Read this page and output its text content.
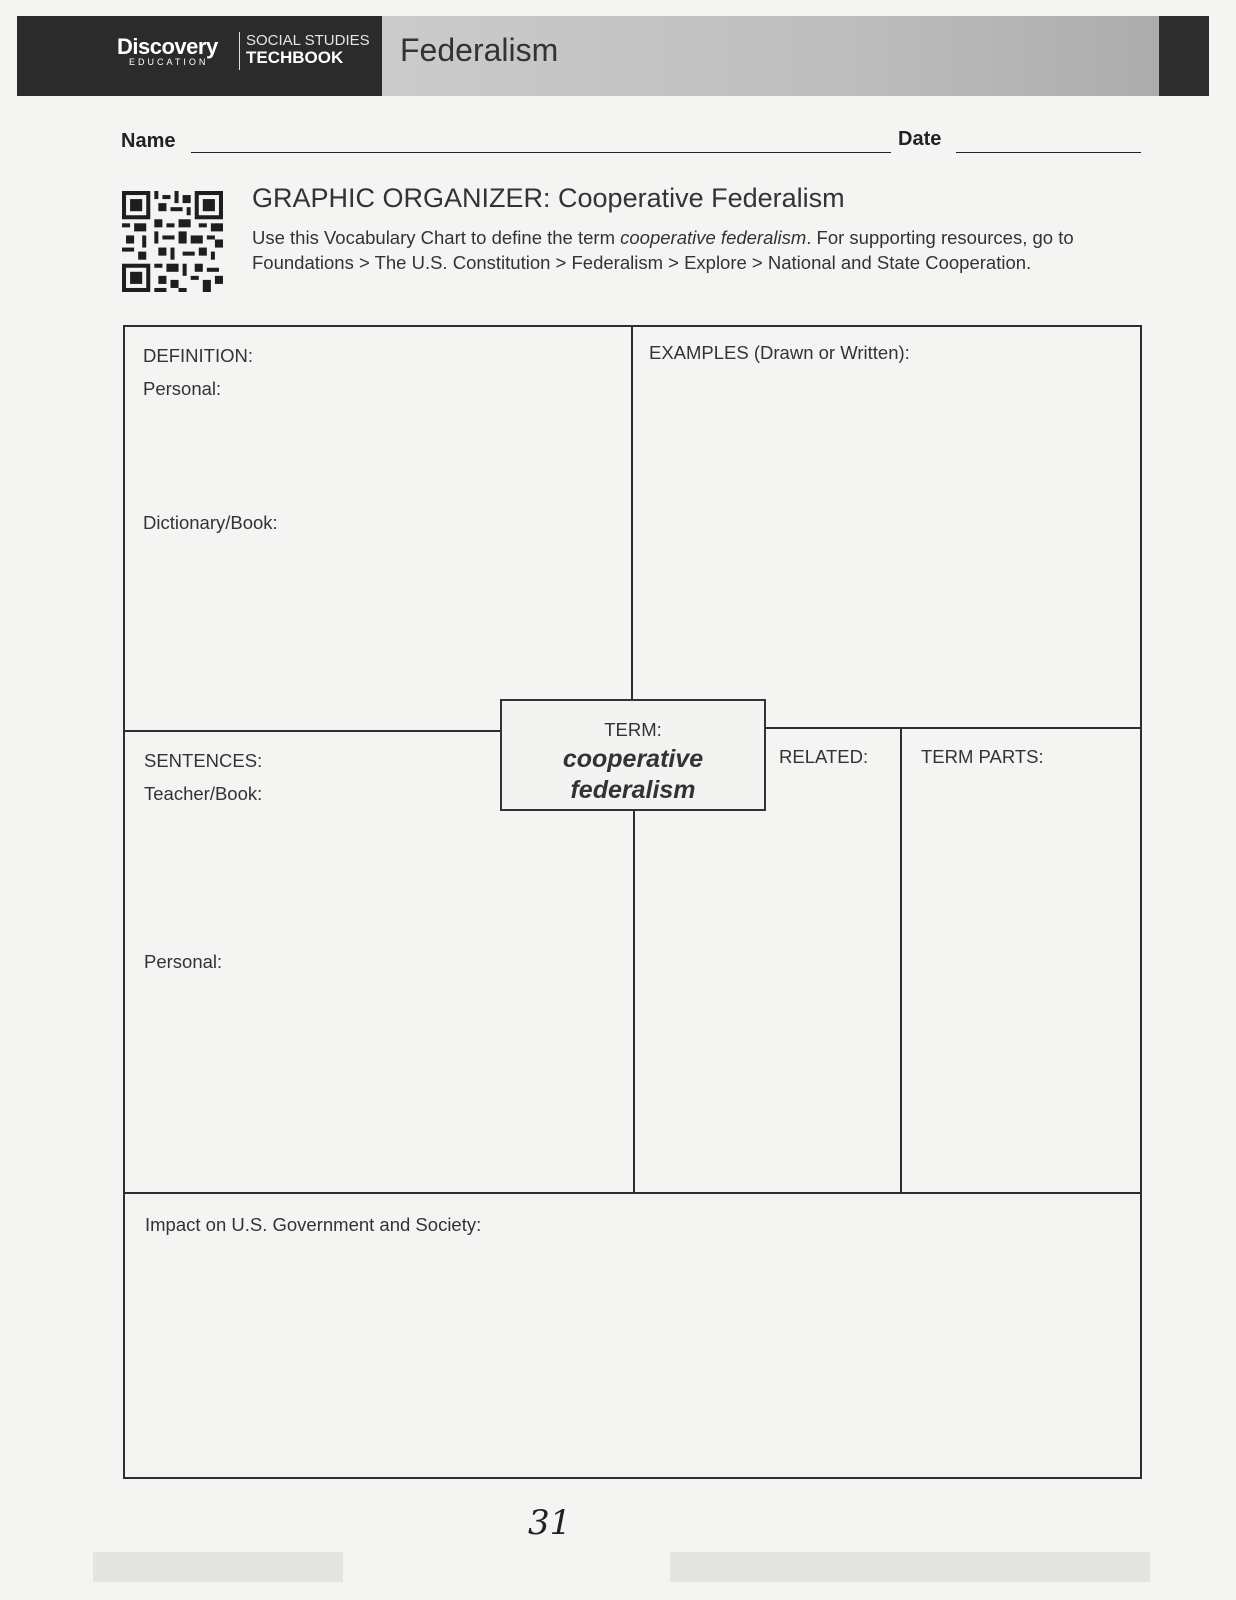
Discovery
EDUCATION
SOCIAL STUDIES
TECHBOOK Federalism
Name	Date
GRAPHIC ORGANIZER: Cooperative Federalism
Use this Vocabulary Chart to define the term cooperative federalism. For supporting resources, go to Foundations > The U.S. Constitution > Federalism > Explore > National and State Cooperation.
DEFINITION:
Personal:
Dictionary/Book:
EXAMPLES (Drawn or Written):
SENTENCES:
Teacher/Book:
Personal:
RELATED:	TERM PARTS:
Impact on U.S. Government and Society:
TERM:
cooperative
federalism
31
